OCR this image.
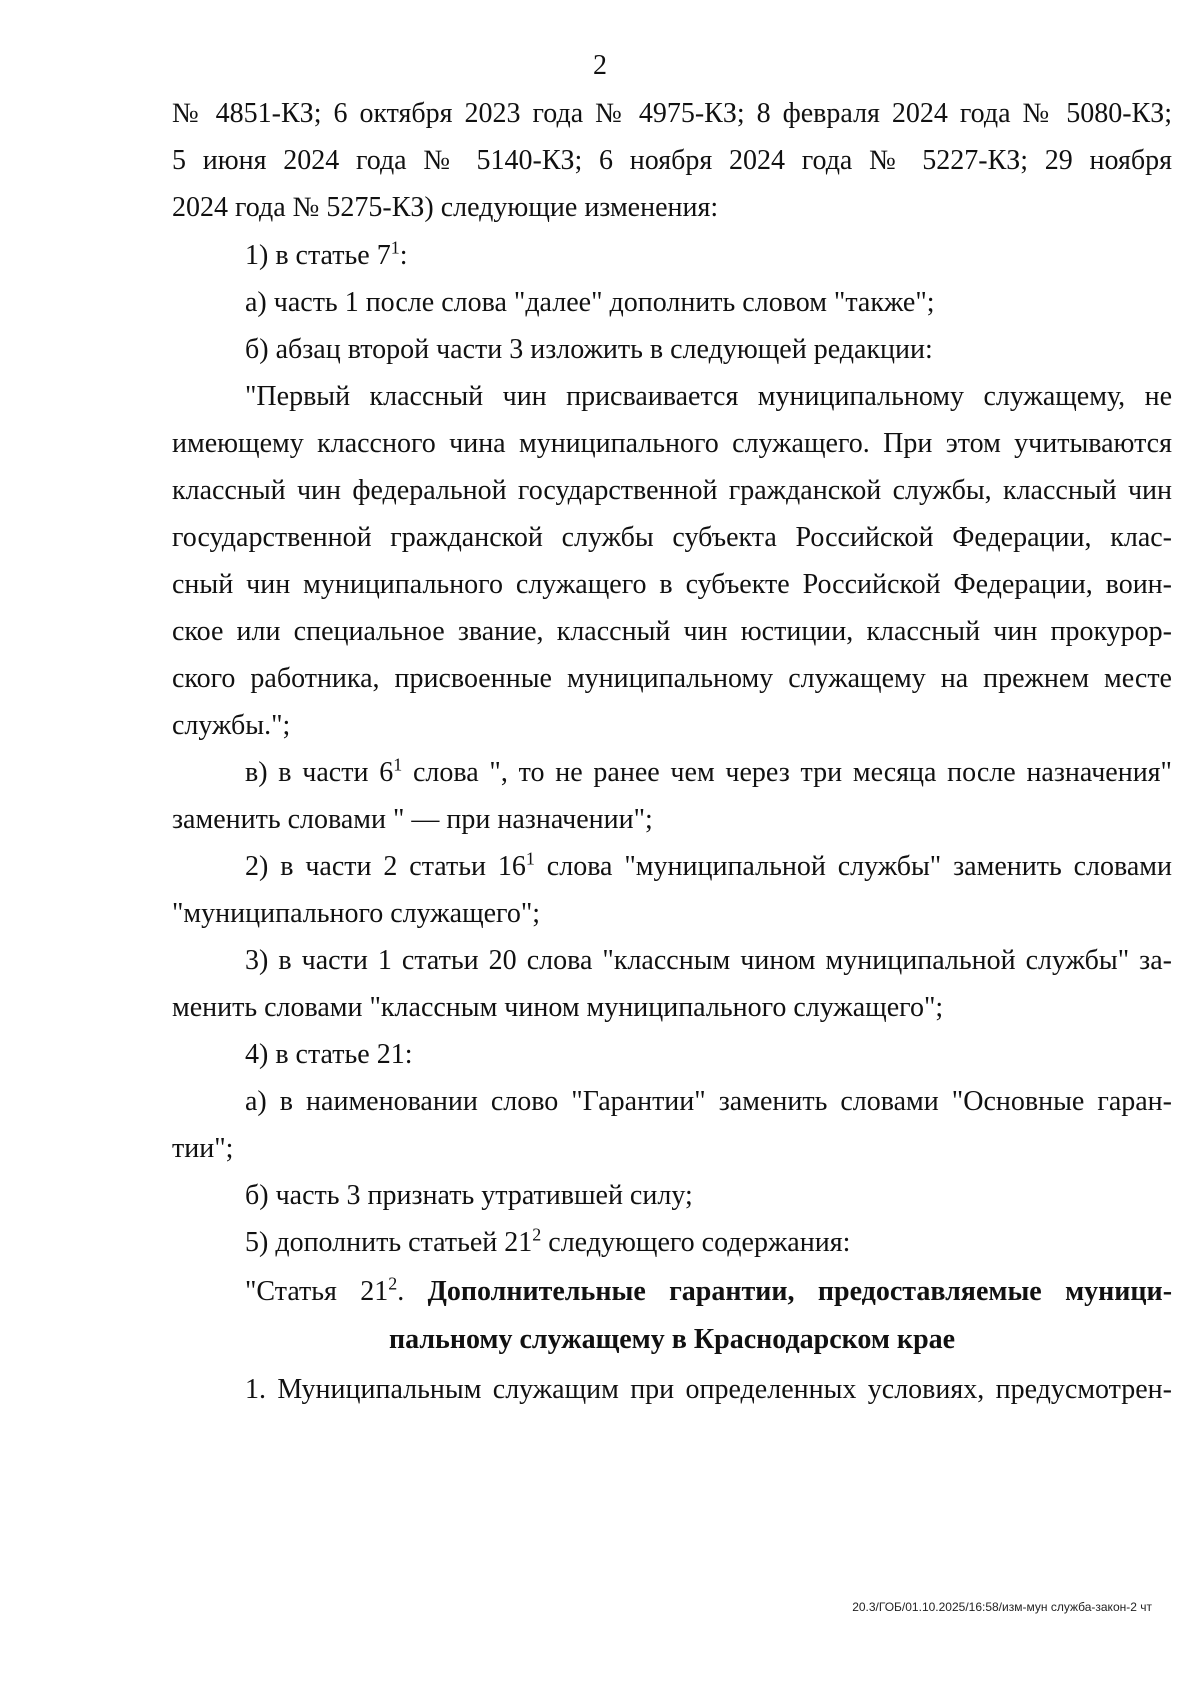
2
№ 4851-КЗ; 6 октября 2023 года № 4975-КЗ; 8 февраля 2024 года № 5080-КЗ;
5 июня 2024 года № 5140-КЗ; 6 ноября 2024 года № 5227-КЗ; 29 ноября
2024 года № 5275-КЗ) следующие изменения:
1) в статье $7^1$:
а) часть 1 после слова "далее" дополнить словом "также";
б) абзац второй части 3 изложить в следующей редакции:
"Первый классный чин присваивается муниципальному служащему, не
имеющему классного чина муниципального служащего. При этом учитываются
классный чин федеральной государственной гражданской службы, классный чин
государственной гражданской службы субъекта Российской Федерации, клас-
сный чин муниципального служащего в субъекте Российской Федерации, воин-
ское или специальное звание, классный чин юстиции, классный чин прокурор-
ского работника, присвоенные муниципальному служащему на прежнем месте
службы.";
в) в части $6^1$ слова ", то не ранее чем через три месяца после назначения"
заменить словами " — при назначении";
2) в части 2 статьи $16^1$ слова "муниципальной службы" заменить словами
"муниципального служащего";
3) в части 1 статьи 20 слова "классным чином муниципальной службы" за-
менить словами "классным чином муниципального служащего";
4) в статье 21:
а) в наименовании слово "Гарантии" заменить словами "Основные гаран-
тии";
б) часть 3 признать утратившей силу;
5) дополнить статьей $21^2$ следующего содержания:
"Статья $21^2$. Дополнительные гарантии, предоставляемые муници-
пальному служащему в Краснодарском крае
1. Муниципальным служащим при определенных условиях, предусмотрен-
20.3/ГОБ/01.10.2025/16:58/изм-мун служба-закон-2 чт
